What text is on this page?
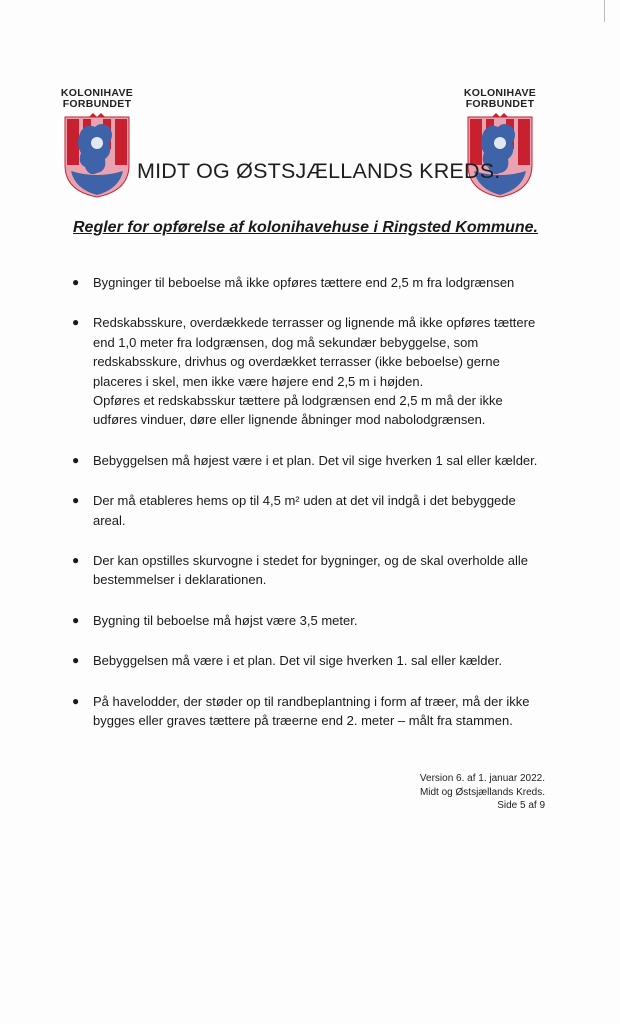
KOLONIHAVE
FORBUNDET
KOLONIHAVE
FORBUNDET
MIDT OG ØSTSJÆLLANDS KREDS.
Regler for opførelse af kolonihavehuse i Ringsted Kommune.
● Bygninger til beboelse må ikke opføres tættere end 2,5 m fra lodgrænsen

● Redskabsskure, overdækkede terrasser og lignende må ikke opføres tættere

end 1,0 meter fra lodgrænsen, dog må sekundær bebyggelse, som

redskabsskure, drivhus og overdækket terrasser (ikke beboelse) gerne

placeres i skel, men ikke være højere end 2,5 m i højden.

Opføres et redskabsskur tættere på lodgrænsen end 2,5 m må der ikke

udføres vinduer, døre eller lignende åbninger mod nabolodgrænsen.

● Bebyggelsen må højest være i et plan. Det vil sige hverken 1 sal eller kælder.

● Der må etableres hems op til 4,5 m² uden at det vil indgå i det bebyggede

areal.

● Der kan opstilles skurvogne i stedet for bygninger, og de skal overholde alle

bestemmelser i deklarationen.

● Bygning til beboelse må højst være 3,5 meter.

● Bebyggelsen må være i et plan. Det vil sige hverken 1. sal eller kælder.

● På havelodder, der støder op til randbeplantning i form af træer, må der ikke

bygges eller graves tættere på træerne end 2. meter – målt fra stammen.

Version 6. af 1. januar 2022.
Midt og Østsjællands Kreds.
Side 5 af 9
